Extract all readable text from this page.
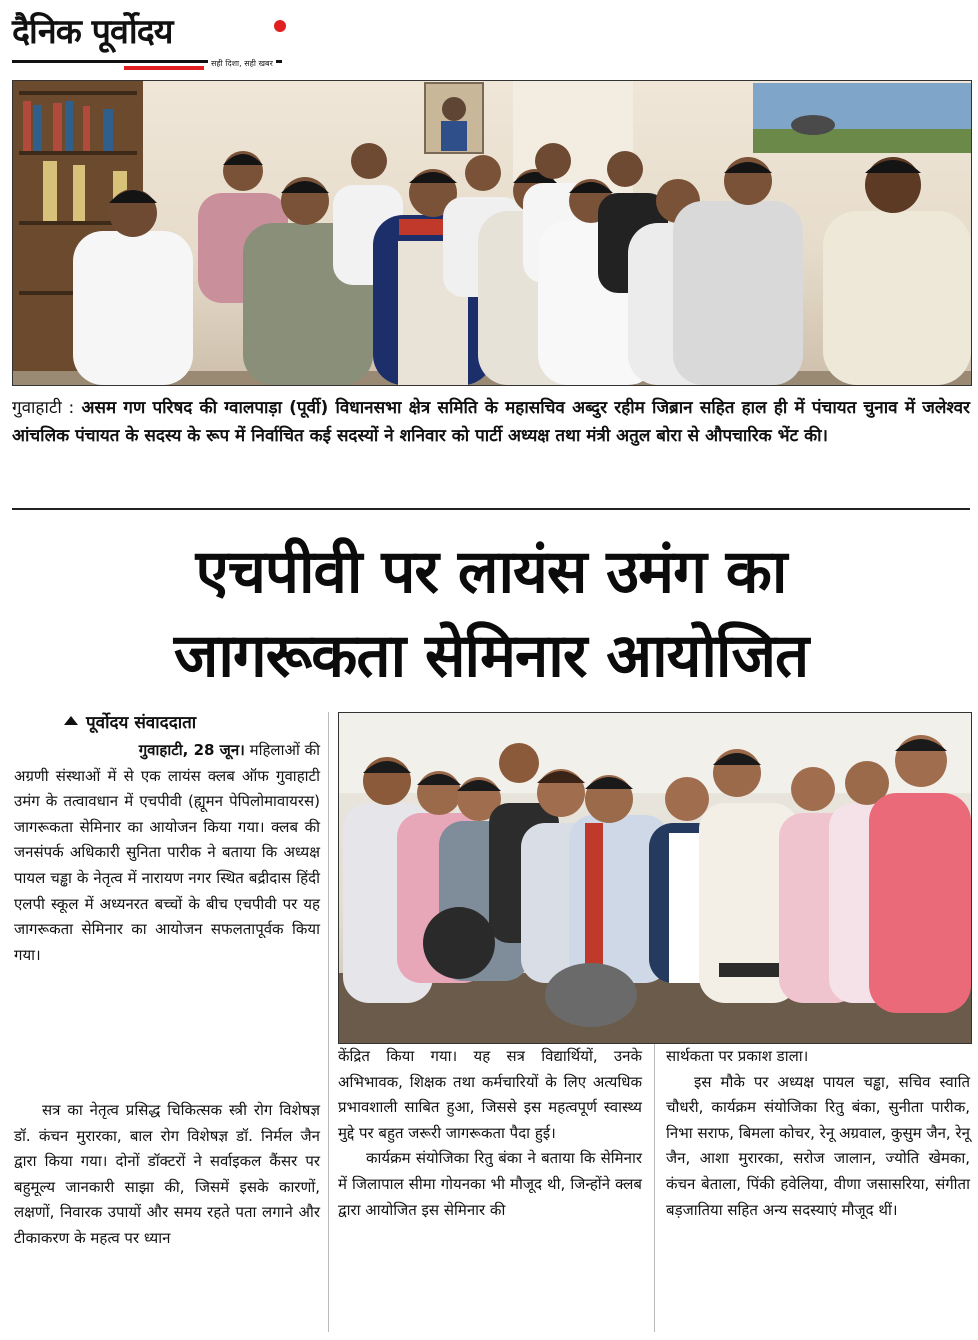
दैनिक पूर्वोदय
सही दिशा, सही खबर
गुवाहाटी : असम गण परिषद की ग्वालपाड़ा (पूर्वी) विधानसभा क्षेत्र समिति के महासचिव अब्दुर रहीम जिब्रान सहित हाल ही में पंचायत चुनाव में जलेश्वर आंचलिक पंचायत के सदस्य के रूप में निर्वाचित कई सदस्यों ने शनिवार को पार्टी अध्यक्ष तथा मंत्री अतुल बोरा से औपचारिक भेंट की।
एचपीवी पर लायंस उमंग का
जागरूकता सेमिनार आयोजित
पूर्वोदय संवाददाता

गुवाहाटी, 28 जून। महिलाओं की

अग्रणी संस्थाओं में से एक लायंस क्लब ऑफ गुवाहाटी उमंग के तत्वावधान में एचपीवी (ह्यूमन पेपिलोमावायरस) जागरूकता सेमिनार का आयोजन किया गया। क्लब की जनसंपर्क अधिकारी सुनिता पारीक ने बताया कि अध्यक्ष पायल चड्ढा के नेतृत्व में नारायण नगर स्थित बद्रीदास हिंदी एलपी स्कूल में अध्यनरत बच्चों के बीच एचपीवी पर यह जागरूकता सेमिनार का आयोजन सफलतापूर्वक किया गया।

सत्र का नेतृत्व प्रसिद्ध चिकित्सक स्त्री रोग विशेषज्ञ डॉ. कंचन मुरारका, बाल रोग विशेषज्ञ डॉ. निर्मल जैन द्वारा किया गया। दोनों डॉक्टरों ने सर्वाइकल कैंसर पर बहुमूल्य जानकारी साझा की, जिसमें इसके कारणों, लक्षणों, निवारक उपायों और समय रहते पता लगाने और टीकाकरण के महत्व पर ध्यान

केंद्रित किया गया। यह सत्र विद्यार्थियों, उनके अभिभावक, शिक्षक तथा कर्मचारियों के लिए अत्यधिक प्रभावशाली साबित हुआ, जिससे इस महत्वपूर्ण स्वास्थ्य मुद्दे पर बहुत जरूरी जागरूकता पैदा हुई।

कार्यक्रम संयोजिका रितु बंका ने बताया कि सेमिनार में जिलापाल सीमा गोयनका भी मौजूद थी, जिन्होंने क्लब द्वारा आयोजित इस सेमिनार की

सार्थकता पर प्रकाश डाला।

इस मौके पर अध्यक्ष पायल चड्ढा, सचिव स्वाति चौधरी, कार्यक्रम संयोजिका रितु बंका, सुनीता पारीक, निभा सराफ, बिमला कोचर, रेनू अग्रवाल, कुसुम जैन, रेनू जैन, आशा मुरारका, सरोज जालान, ज्योति खेमका, कंचन बेताला, पिंकी हवेलिया, वीणा जसासरिया, संगीता बड़जातिया सहित अन्य सदस्याएं मौजूद थीं।
